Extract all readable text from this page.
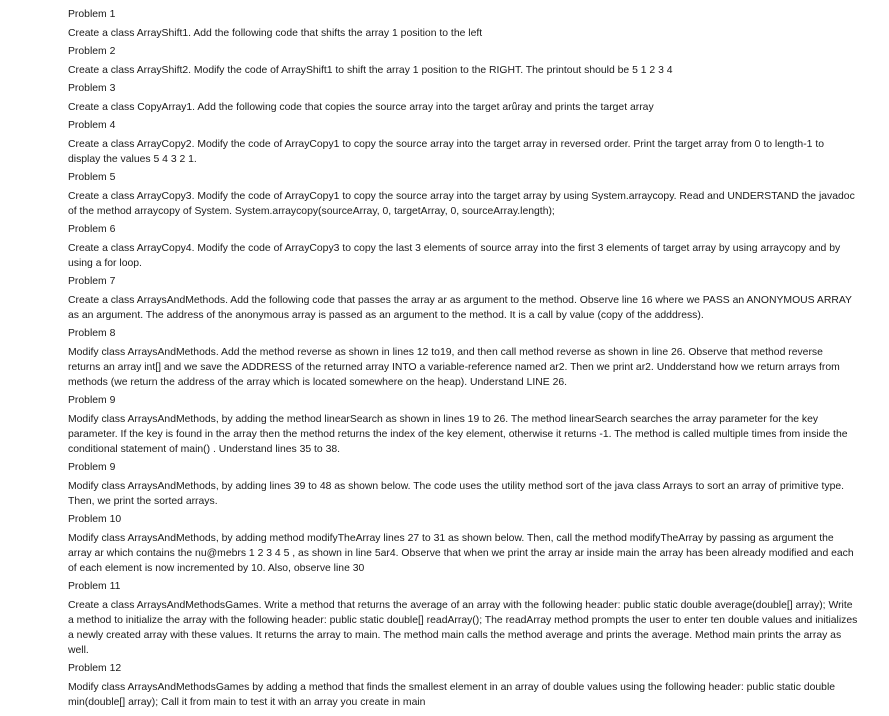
Problem 1
Create a class ArrayShift1. Add the following code that shifts the array 1 position to the left
Problem 2
Create a class ArrayShift2. Modify the code of ArrayShift1 to shift the array 1 position to the RIGHT. The printout should be 5 1 2 3 4
Problem 3
Create a class CopyArray1. Add the following code that copies the source array into the target arǖray and prints the target array
Problem 4
Create a class ArrayCopy2. Modify the code of ArrayCopy1 to copy the source array into the target array in reversed order. Print the target array from 0 to length-1 to display the values 5 4 3 2 1.
Problem 5
Create a class ArrayCopy3. Modify the code of ArrayCopy1 to copy the source array into the target array by using System.arraycopy. Read and UNDERSTAND the javadoc of the method arraycopy of System. System.arraycopy(sourceArray, 0, targetArray, 0, sourceArray.length);
Problem 6
Create a class ArrayCopy4. Modify the code of ArrayCopy3 to copy the last 3 elements of source array into the first 3 elements of target array by using arraycopy and by using a for loop.
Problem 7
Create a class ArraysAndMethods. Add the following code that passes the array ar as argument to the method. Observe line 16 where we PASS an ANONYMOUS ARRAY as an argument. The address of the anonymous array is passed as an argument to the method. It is a call by value (copy of the adddress).
Problem 8
Modify class ArraysAndMethods. Add the method reverse as shown in lines 12 to19, and then call method reverse as shown in line 26. Observe that method reverse returns an array int[] and we save the ADDRESS of the returned array INTO a variable-reference named ar2. Then we print ar2. Undderstand how we return arrays from methods (we return the address of the array which is located somewhere on the heap). Understand LINE 26.
Problem 9
Modify class ArraysAndMethods, by adding the method linearSearch as shown in lines 19 to 26. The method linearSearch searches the array parameter for the key parameter. If the key is found in the array then the method returns the index of the key element, otherwise it returns -1. The method is called multiple times from inside the conditional statement of main() . Understand lines 35 to 38.
Problem 9
Modify class ArraysAndMethods, by adding lines 39 to 48 as shown below. The code uses the utility method sort of the java class Arrays to sort an array of primitive type. Then, we print the sorted arrays.
Problem 10
Modify class ArraysAndMethods, by adding method modifyTheArray lines 27 to 31 as shown below. Then, call the method modifyTheArray by passing as argument the array ar which contains the nu@mebrs 1 2 3 4 5 , as shown in line 5ar4. Observe that when we print the array ar inside main the array has been already modified and each of each element is now incremented by 10. Also, observe line 30
Problem 11
Create a class ArraysAndMethodsGames. Write a method that returns the average of an array with the following header: public static double average(double[] array); Write a method to initialize the array with the following header: public static double[] readArray(); The readArray method prompts the user to enter ten double values and initializes a newly created array with these values. It returns the array to main. The method main calls the method average and prints the average. Method main prints the array as well.
Problem 12
Modify class ArraysAndMethodsGames by adding a method that finds the smallest element in an array of double values using the following header: public static double min(double[] array); Call it from main to test it with an array you create in main
